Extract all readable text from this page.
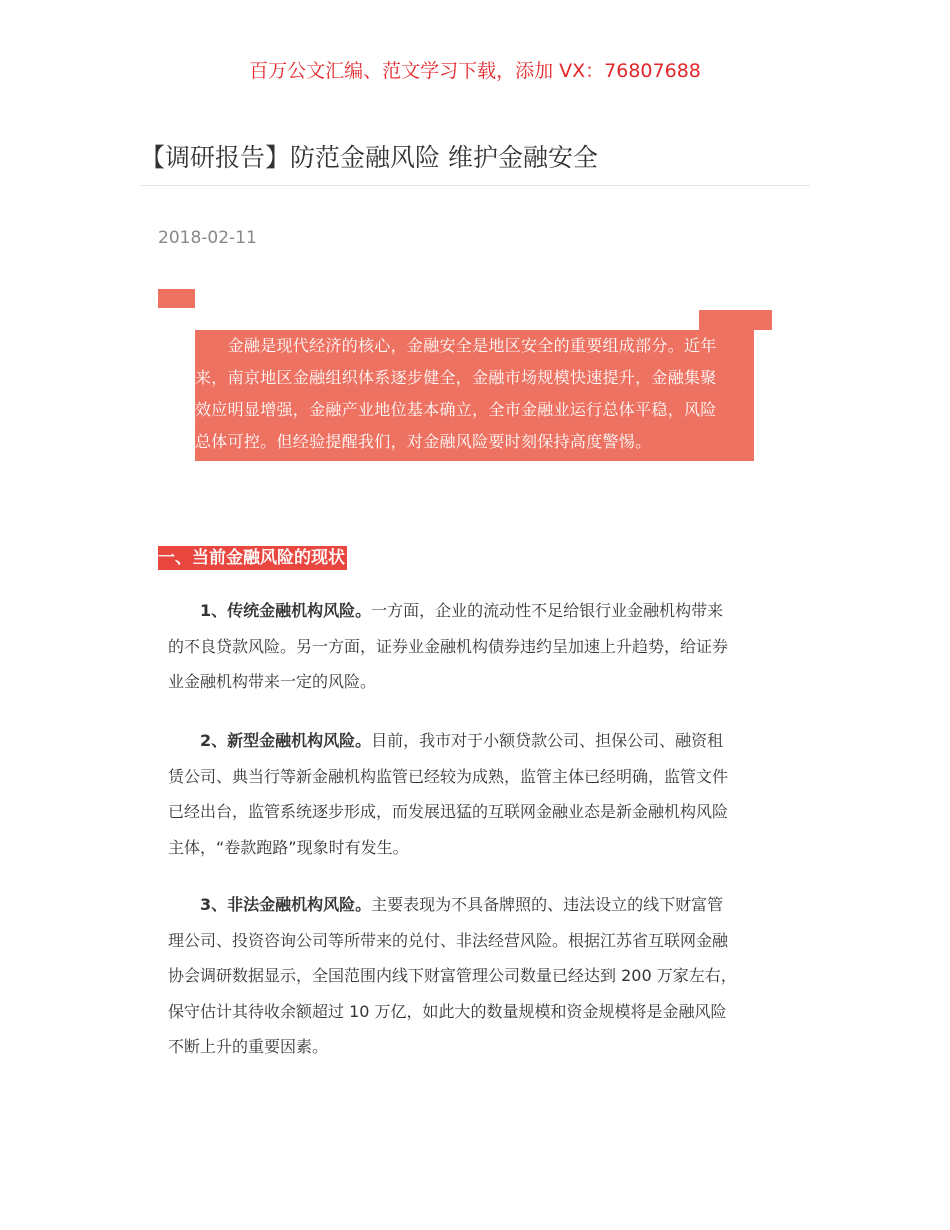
百万公文汇编、范文学习下载，添加 VX：76807688
【调研报告】防范金融风险 维护金融安全
2018-02-11
　　金融是现代经济的核心，金融安全是地区安全的重要组成部分。近年
来，南京地区金融组织体系逐步健全，金融市场规模快速提升，金融集聚
效应明显增强，金融产业地位基本确立，全市金融业运行总体平稳，风险
总体可控。但经验提醒我们，对金融风险要时刻保持高度警惕。
一、当前金融风险的现状
　　1、传统金融机构风险。一方面，企业的流动性不足给银行业金融机构带来
的不良贷款风险。另一方面，证券业金融机构债券违约呈加速上升趋势，给证券
业金融机构带来一定的风险。
　　2、新型金融机构风险。目前，我市对于小额贷款公司、担保公司、融资租
赁公司、典当行等新金融机构监管已经较为成熟，监管主体已经明确，监管文件
已经出台，监管系统逐步形成，而发展迅猛的互联网金融业态是新金融机构风险
主体，“卷款跑路”现象时有发生。
　　3、非法金融机构风险。主要表现为不具备牌照的、违法设立的线下财富管
理公司、投资咨询公司等所带来的兑付、非法经营风险。根据江苏省互联网金融
协会调研数据显示，全国范围内线下财富管理公司数量已经达到 200 万家左右，
保守估计其待收余额超过 10 万亿，如此大的数量规模和资金规模将是金融风险
不断上升的重要因素。
